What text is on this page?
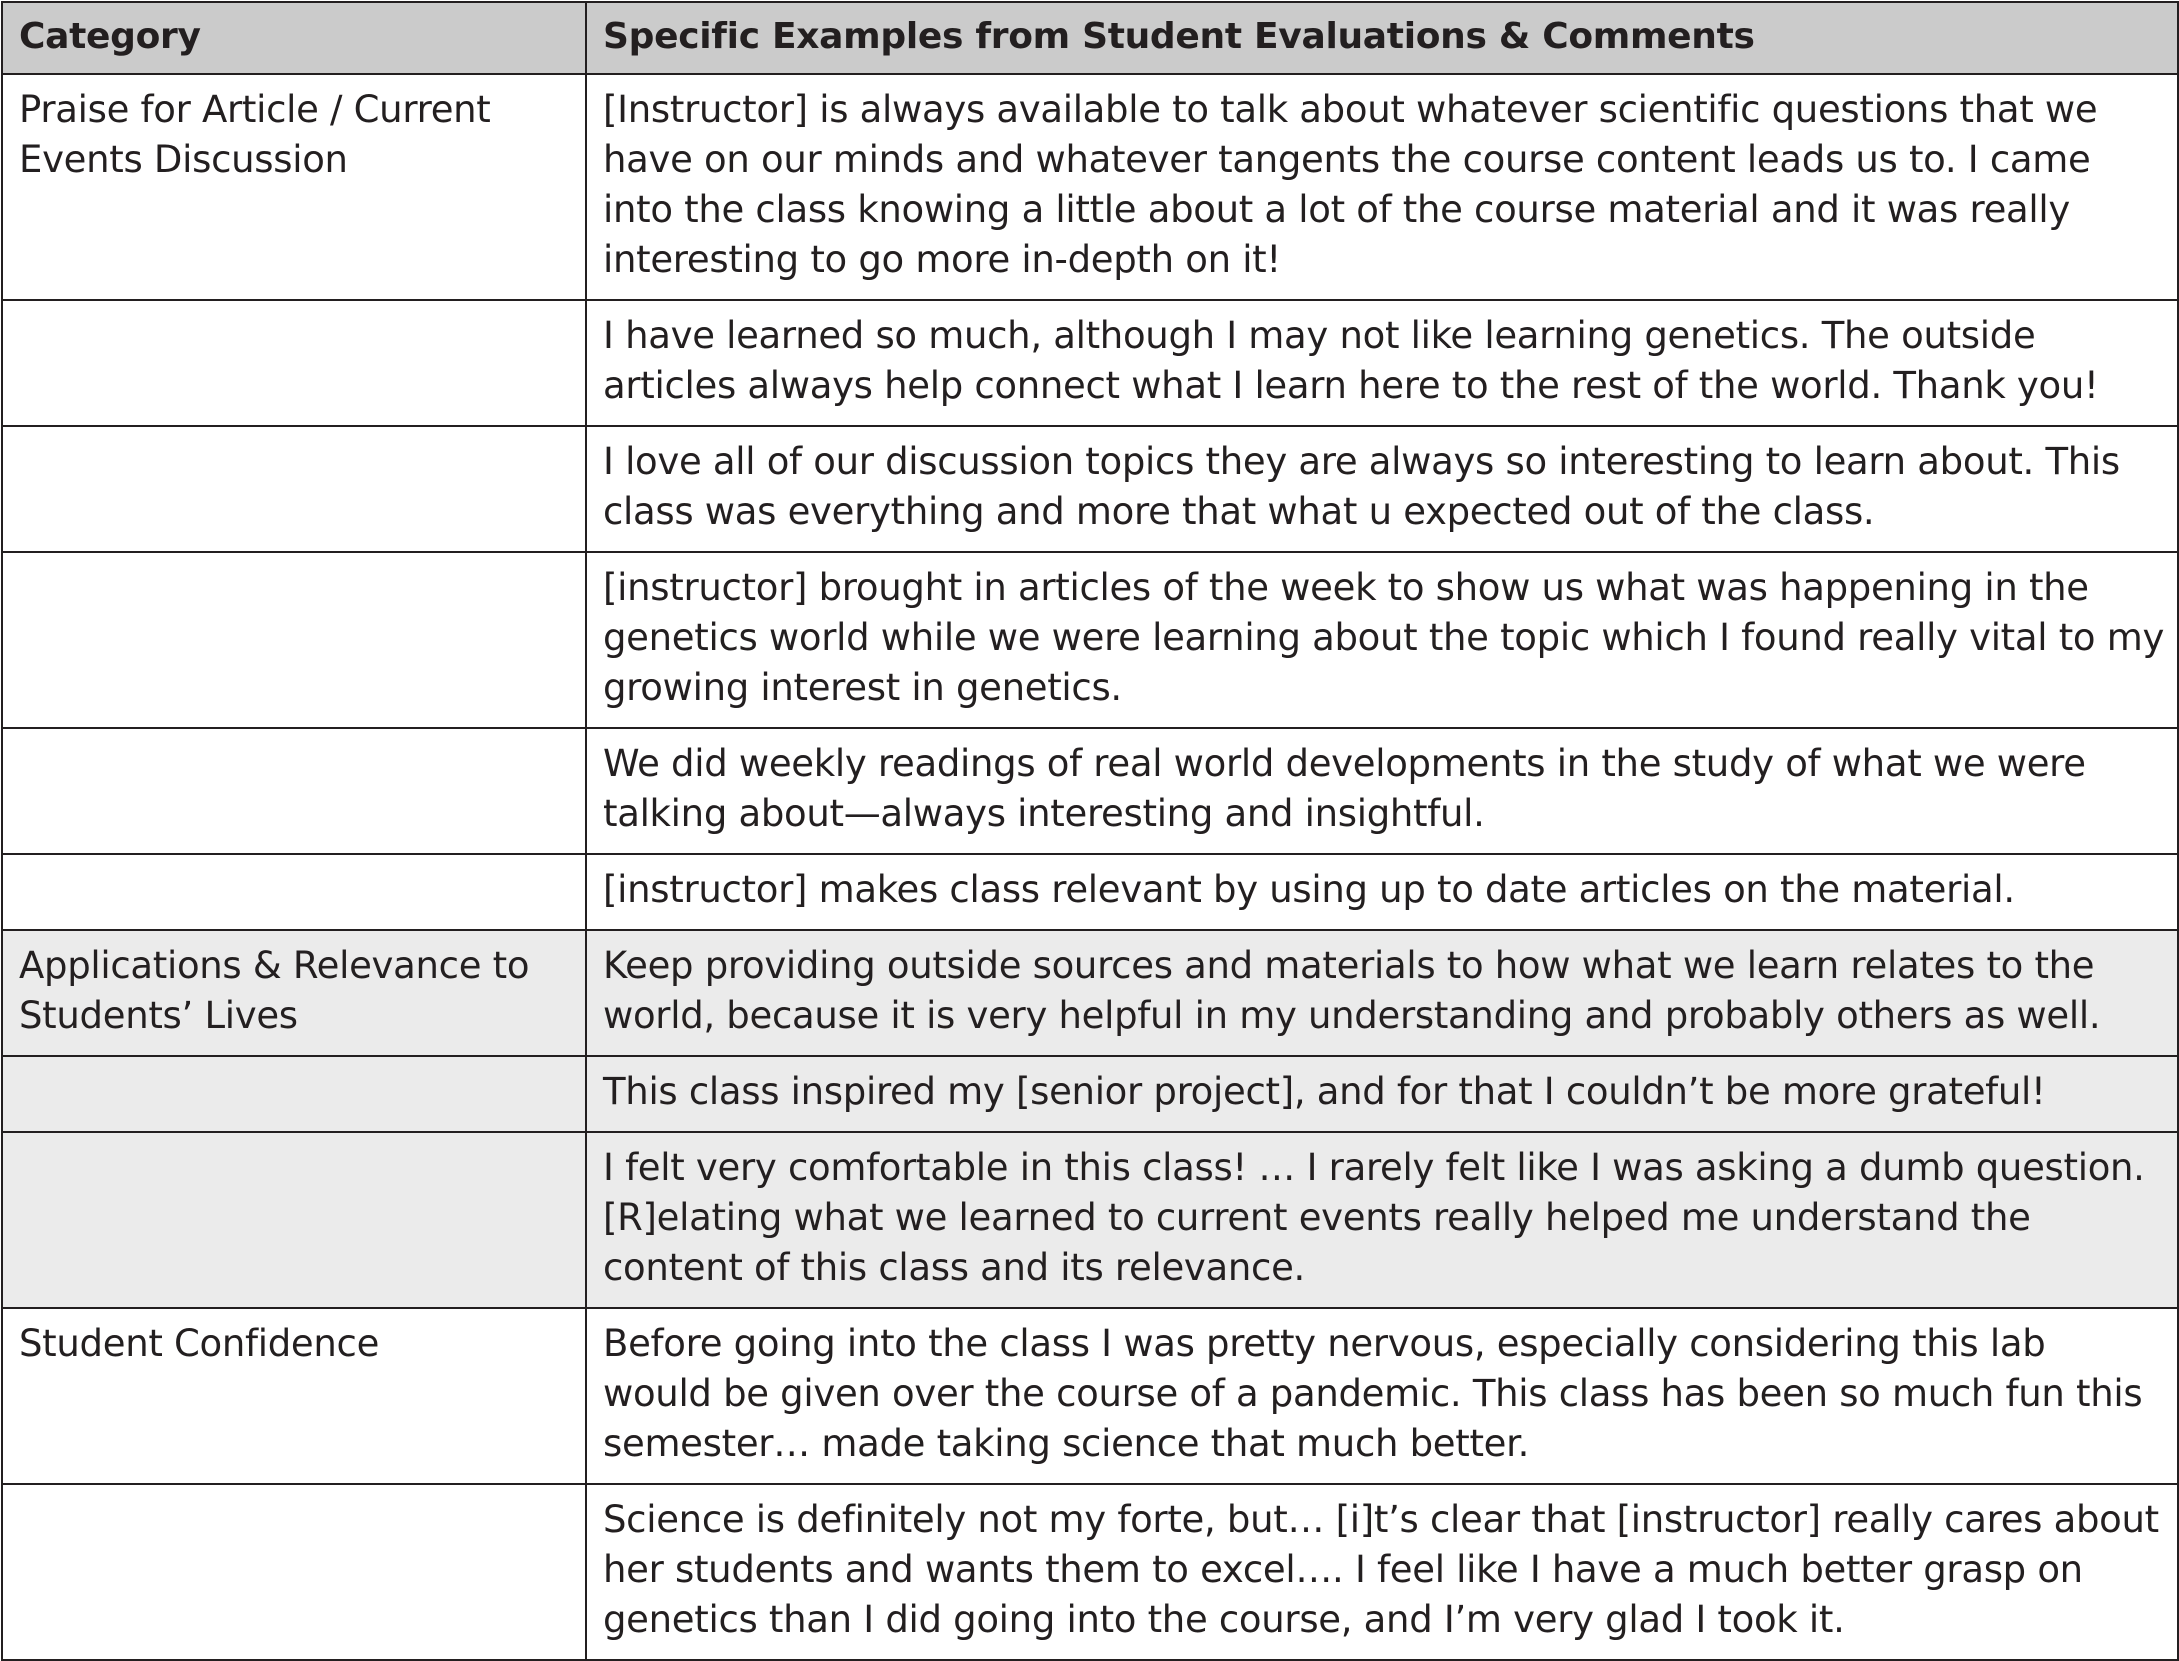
Category	Specific Examples from Student Evaluations & Comments
Praise for Article / Current Events Discussion	[Instructor] is always available to talk about whatever scientific questions that we have on our minds and whatever tangents the course content leads us to. I came into the class knowing a little about a lot of the course material and it was really interesting to go more in-depth on it!
	I have learned so much, although I may not like learning genetics. The outside articles always help connect what I learn here to the rest of the world. Thank you!
	I love all of our discussion topics they are always so interesting to learn about. This class was everything and more that what u expected out of the class.
	[instructor] brought in articles of the week to show us what was happening in the genetics world while we were learning about the topic which I found really vital to my growing interest in genetics.
	We did weekly readings of real world developments in the study of what we were talking about—always interesting and insightful.
	[instructor] makes class relevant by using up to date articles on the material.
Applications & Relevance to Students’ Lives	Keep providing outside sources and materials to how what we learn relates to the world, because it is very helpful in my understanding and probably others as well.
	This class inspired my [senior project], and for that I couldn’t be more grateful!
	I felt very comfortable in this class! … I rarely felt like I was asking a dumb question. [R]elating what we learned to current events really helped me understand the content of this class and its relevance.
Student Confidence	Before going into the class I was pretty nervous, especially considering this lab would be given over the course of a pandemic. This class has been so much fun this semester… made taking science that much better.
	Science is definitely not my forte, but… [i]t’s clear that [instructor] really cares about her students and wants them to excel…. I feel like I have a much better grasp on genetics than I did going into the course, and I’m very glad I took it.
